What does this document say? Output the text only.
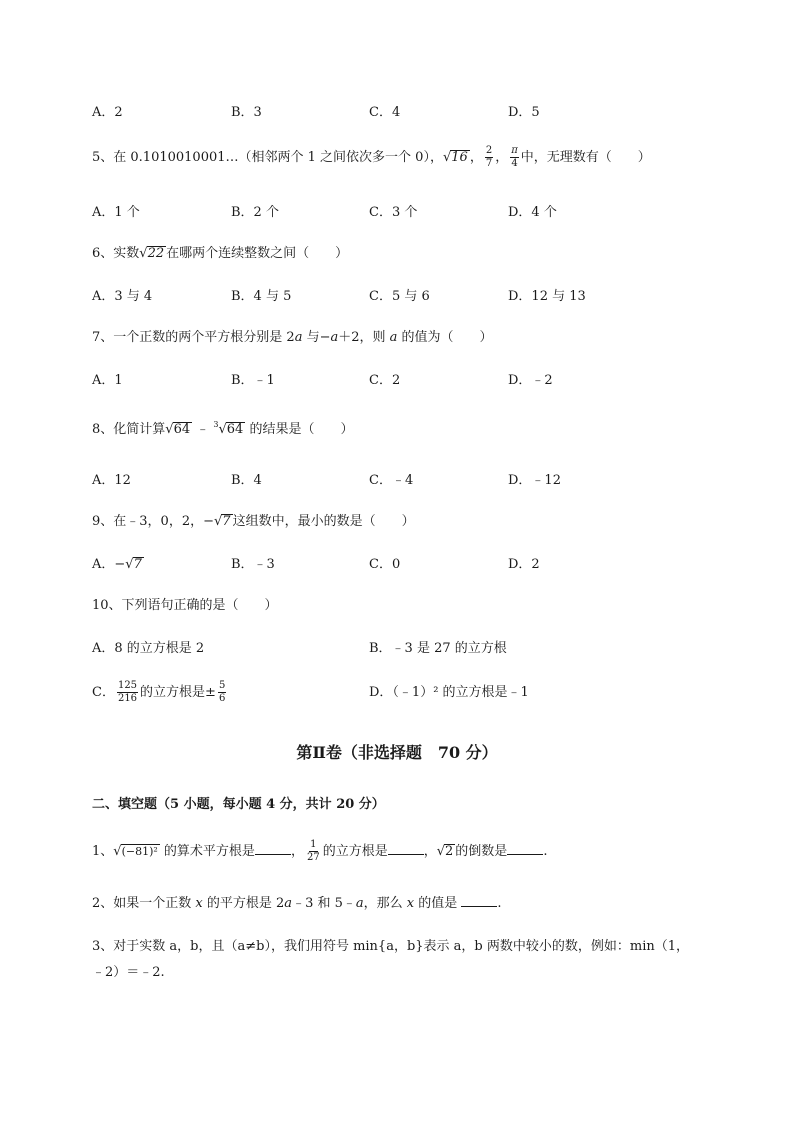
A．2	B．3	C．4	D．5
5、在 0.1010010001…（相邻两个 1 之间依次多一个 0），√16 ， $\frac{2}{7}$ ， $\frac{\pi}{4}$ 中，无理数有（　　）
A．1 个	B．2 个	C．3 个	D．4 个
6、实数√22 在哪两个连续整数之间（　　）
A．3 与 4	B．4 与 5	C．5 与 6	D．12 与 13
7、一个正数的两个平方根分别是 2a 与−a＋2，则 a 的值为（　　）
A．1	B．﹣1	C．2	D．﹣2
8、化简计算√64 ﹣ $^3$√64 的结果是（　　）
A．12	B．4	C．﹣4	D．﹣12
9、在﹣3，0，2，−√7 这组数中，最小的数是（　　）
A．−√7	B．﹣3	C．0	D．2
10、下列语句正确的是（　　）
A．8 的立方根是 2	B．﹣3 是 27 的立方根
C． $\frac{125}{216}$ 的立方根是± $\frac{5}{6}$	D．（﹣1）² 的立方根是﹣1
第Ⅱ卷（非选择题　70 分）
二、填空题（5 小题，每小题 4 分，共计 20 分）
1、√(−81)² 的算术平方根是	， $\frac{1}{27}$ 的立方根是	，√2 的倒数是	.
2、如果一个正数 x 的平方根是 2a﹣3 和 5﹣a，那么 x 的值是	.
3、对于实数 a，b，且（a≠b），我们用符号 min{a，b}表示 a，b 两数中较小的数，例如：min（1，
﹣2）＝﹣2.
